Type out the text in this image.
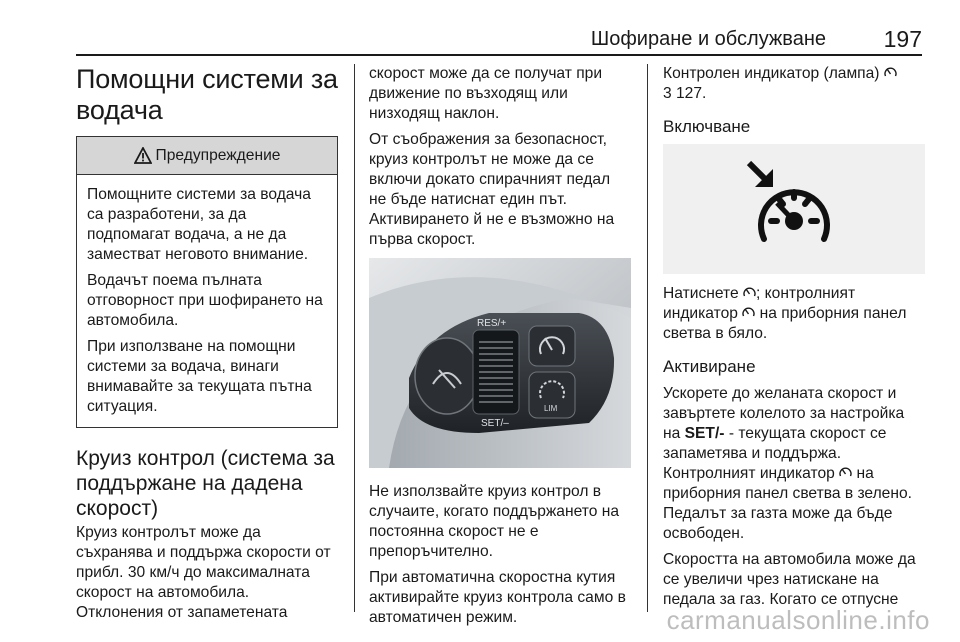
Шофиране и обслужване	197
Помощни системи за водача
Предупреждение

Помощните системи за водача са разработени, за да подпомагат водача, а не да заместват неговото внимание.

Водачът поема пълната отговорност при шофирането на автомобила.

При използване на помощни системи за водача, винаги внимавайте за текущата пътна ситуация.

Круиз контрол (система за поддържане на дадена скорост)

Круиз контролът може да съхранява и поддържа скорости от прибл. 30 км/ч до максималната скорост на автомобила. Отклонения от запаметената

скорост може да се получат при движение по възходящ или низходящ наклон.

От съображения за безопасност, круиз контролът не може да се включи докато спирачният педал не бъде натиснат един път. Активирането й не е възможно на първа скорост.

RES/+
SET/–
LIM

Не използвайте круиз контрол в случаите, когато поддържането на постоянна скорост не е препоръчително.

При автоматична скоростна кутия активирайте круиз контрола само в автоматичен режим.

Контролен индикатор (лампа)
3 127.

Включване

Натиснете ; контролният индикатор  на приборния панел светва в бяло.

Активиране

Ускорете до желаната скорост и завъртете колелото за настройка на SET/- - текущата скорост се запаметява и поддържа. Контролният индикатор  на приборния панел светва в зелено. Педалът за газта може да бъде освободен.

Скоростта на автомобила може да се увеличи чрез натискане на педала за газ. Когато се отпусне

carmanualsonline.info
